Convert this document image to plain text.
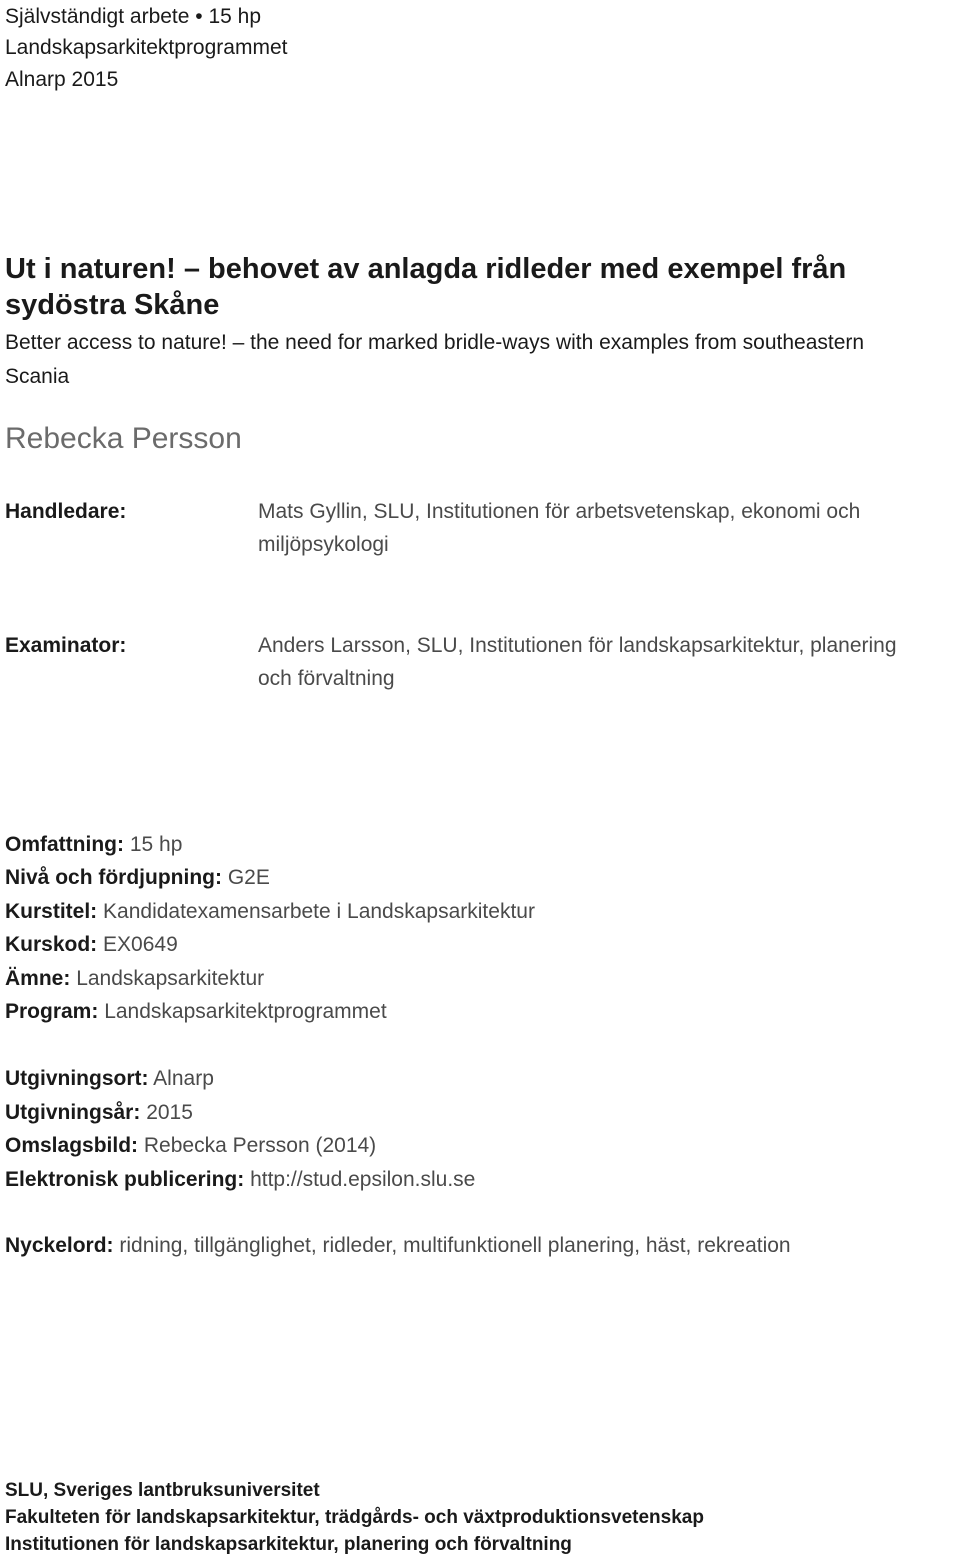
Självständigt arbete • 15 hp
Landskapsarkitektprogrammet
Alnarp 2015
Ut i naturen! – behovet av anlagda ridleder med exempel från
sydöstra Skåne
Better access to nature! – the need for marked bridle-ways with examples from southeastern
Scania
Rebecka Persson
Handledare:	Mats Gyllin, SLU, Institutionen för arbetsvetenskap, ekonomi och
miljöpsykologi
Examinator:	Anders Larsson, SLU, Institutionen för landskapsarkitektur, planering
och förvaltning
Omfattning: 15 hp
Nivå och fördjupning: G2E
Kurstitel: Kandidatexamensarbete i Landskapsarkitektur
Kurskod: EX0649
Ämne: Landskapsarkitektur
Program: Landskapsarkitektprogrammet
Utgivningsort: Alnarp
Utgivningsår: 2015
Omslagsbild: Rebecka Persson (2014)
Elektronisk publicering: http://stud.epsilon.slu.se
Nyckelord: ridning, tillgänglighet, ridleder, multifunktionell planering, häst, rekreation
SLU, Sveriges lantbruksuniversitet
Fakulteten för landskapsarkitektur, trädgårds- och växtproduktionsvetenskap
Institutionen för landskapsarkitektur, planering och förvaltning
